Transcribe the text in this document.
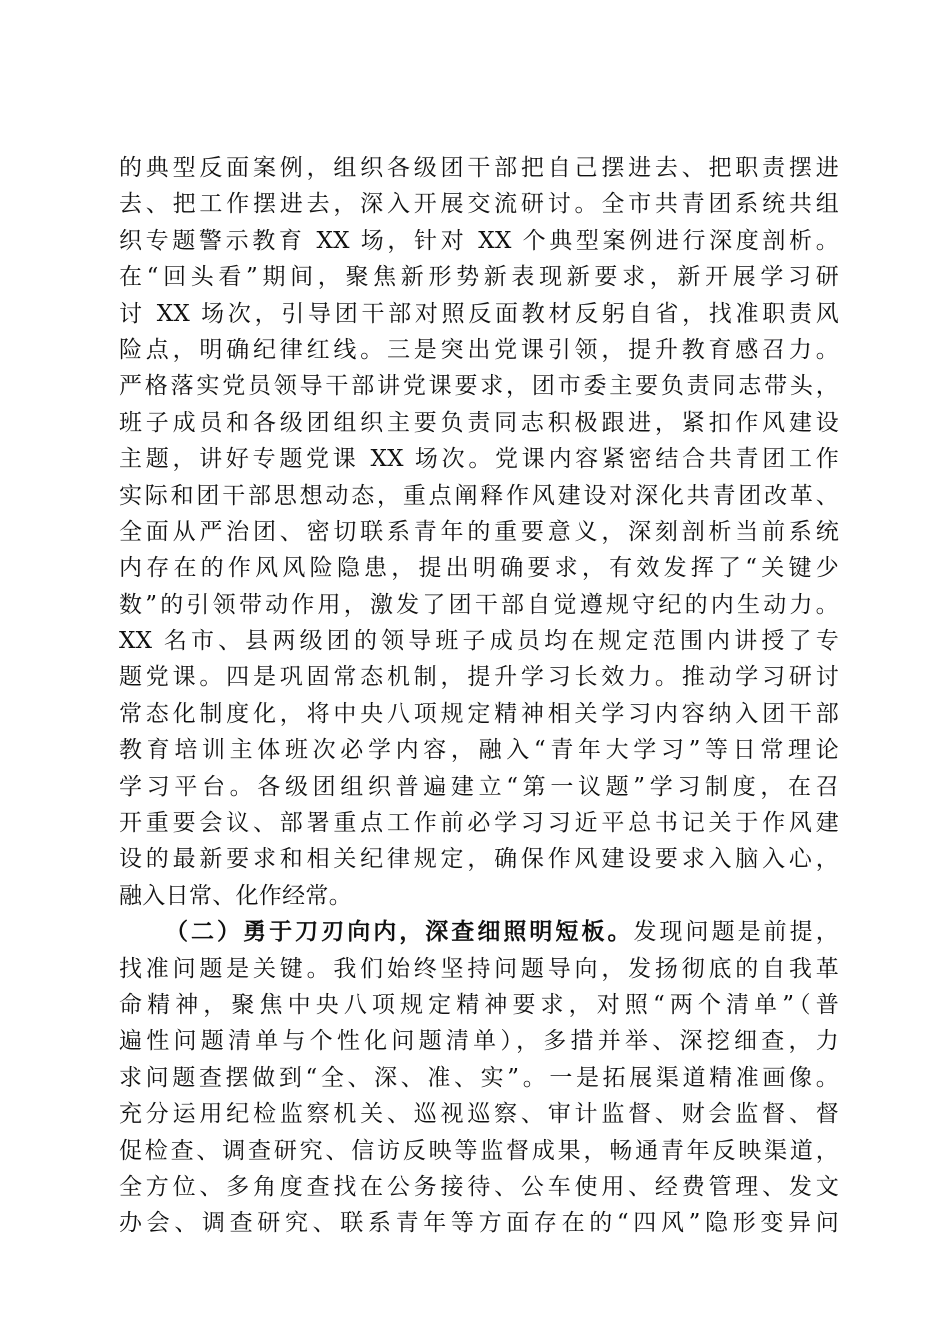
的典型反面案例，组织各级团干部把自己摆进去、把职责摆进
去、把工作摆进去，深入开展交流研讨。全市共青团系统共组
织专题警示教育 XX 场，针对 XX 个典型案例进行深度剖析。
在“回头看”期间，聚焦新形势新表现新要求，新开展学习研
讨 XX 场次，引导团干部对照反面教材反躬自省，找准职责风
险点，明确纪律红线。三是突出党课引领，提升教育感召力。
严格落实党员领导干部讲党课要求，团市委主要负责同志带头，
班子成员和各级团组织主要负责同志积极跟进，紧扣作风建设
主题，讲好专题党课 XX 场次。党课内容紧密结合共青团工作
实际和团干部思想动态，重点阐释作风建设对深化共青团改革、
全面从严治团、密切联系青年的重要意义，深刻剖析当前系统
内存在的作风风险隐患，提出明确要求，有效发挥了“关键少
数”的引领带动作用，激发了团干部自觉遵规守纪的内生动力。
XX 名市、县两级团的领导班子成员均在规定范围内讲授了专
题党课。四是巩固常态机制，提升学习长效力。推动学习研讨
常态化制度化，将中央八项规定精神相关学习内容纳入团干部
教育培训主体班次必学内容，融入“青年大学习”等日常理论
学习平台。各级团组织普遍建立“第一议题”学习制度，在召
开重要会议、部署重点工作前必学习习近平总书记关于作风建
设的最新要求和相关纪律规定，确保作风建设要求入脑入心，
融入日常、化作经常。
（二）勇于刀刃向内，深查细照明短板。发现问题是前提，
找准问题是关键。我们始终坚持问题导向，发扬彻底的自我革
命精神，聚焦中央八项规定精神要求，对照“两个清单”（普
遍性问题清单与个性化问题清单），多措并举、深挖细查，力
求问题查摆做到“全、深、准、实”。一是拓展渠道精准画像。
充分运用纪检监察机关、巡视巡察、审计监督、财会监督、督
促检查、调查研究、信访反映等监督成果，畅通青年反映渠道，
全方位、多角度查找在公务接待、公车使用、经费管理、发文
办会、调查研究、联系青年等方面存在的“四风”隐形变异问
